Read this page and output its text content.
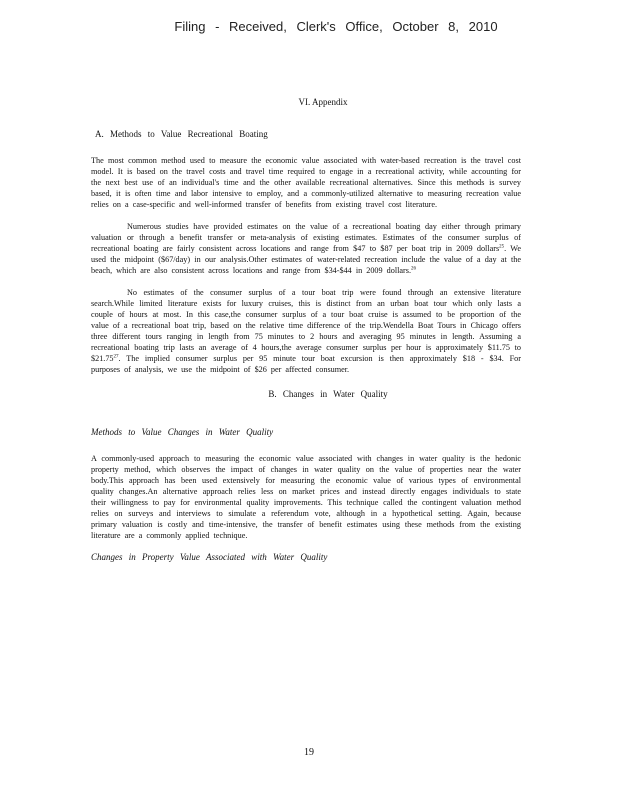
Filing - Received, Clerk's Office, October 8, 2010
VI. Appendix
A. Methods to Value Recreational Boating

The most common method used to measure the economic value associated with water-based recreation is the travel cost model. It is based on the travel costs and travel time required to engage in a recreational activity, while accounting for the next best use of an individual's time and the other available recreational alternatives. Since this methods is survey based, it is often time and labor intensive to employ, and a commonly-utilized alternative to measuring recreation value relies on a case-specific and well-informed transfer of benefits from existing travel cost literature.

Numerous studies have provided estimates on the value of a recreational boating day either through primary valuation or through a benefit transfer or meta-analysis of existing estimates. Estimates of the consumer surplus of recreational boating are fairly consistent across locations and range from $47 to $87 per boat trip in 2009 dollars$^{25}$. We used the midpoint ($67/day) in our analysis.Other estimates of water-related recreation include the value of a day at the beach, which are also consistent across locations and range from $34-$44 in 2009 dollars.$^{26}$

No estimates of the consumer surplus of a tour boat trip were found through an extensive literature search.While limited literature exists for luxury cruises, this is distinct from an urban boat tour which only lasts a couple of hours at most. In this case,the consumer surplus of a tour boat cruise is assumed to be proportion of the value of a recreational boat trip, based on the relative time difference of the trip.Wendella Boat Tours in Chicago offers three different tours ranging in length from 75 minutes to 2 hours and averaging 95 minutes in length. Assuming a recreational boating trip lasts an average of 4 hours,the average consumer surplus per hour is approximately $11.75 to $21.75$^{27}$. The implied consumer surplus per 95 minute tour boat excursion is then approximately $18 - $34. For purposes of analysis, we use the midpoint of $26 per affected consumer.

B. Changes in Water Quality
Methods to Value Changes in Water Quality

A commonly-used approach to measuring the economic value associated with changes in water quality is the hedonic property method, which observes the impact of changes in water quality on the value of properties near the water body.This approach has been used extensively for measuring the economic value of various types of environmental quality changes.An alternative approach relies less on market prices and instead directly engages individuals to state their willingness to pay for environmental quality improvements. This technique called the contingent valuation method relies on surveys and interviews to simulate a referendum vote, although in a hypothetical setting. Again, because primary valuation is costly and time-intensive, the transfer of benefit estimates using these methods from the existing literature are a commonly applied technique.

Changes in Property Value Associated with Water Quality
19
